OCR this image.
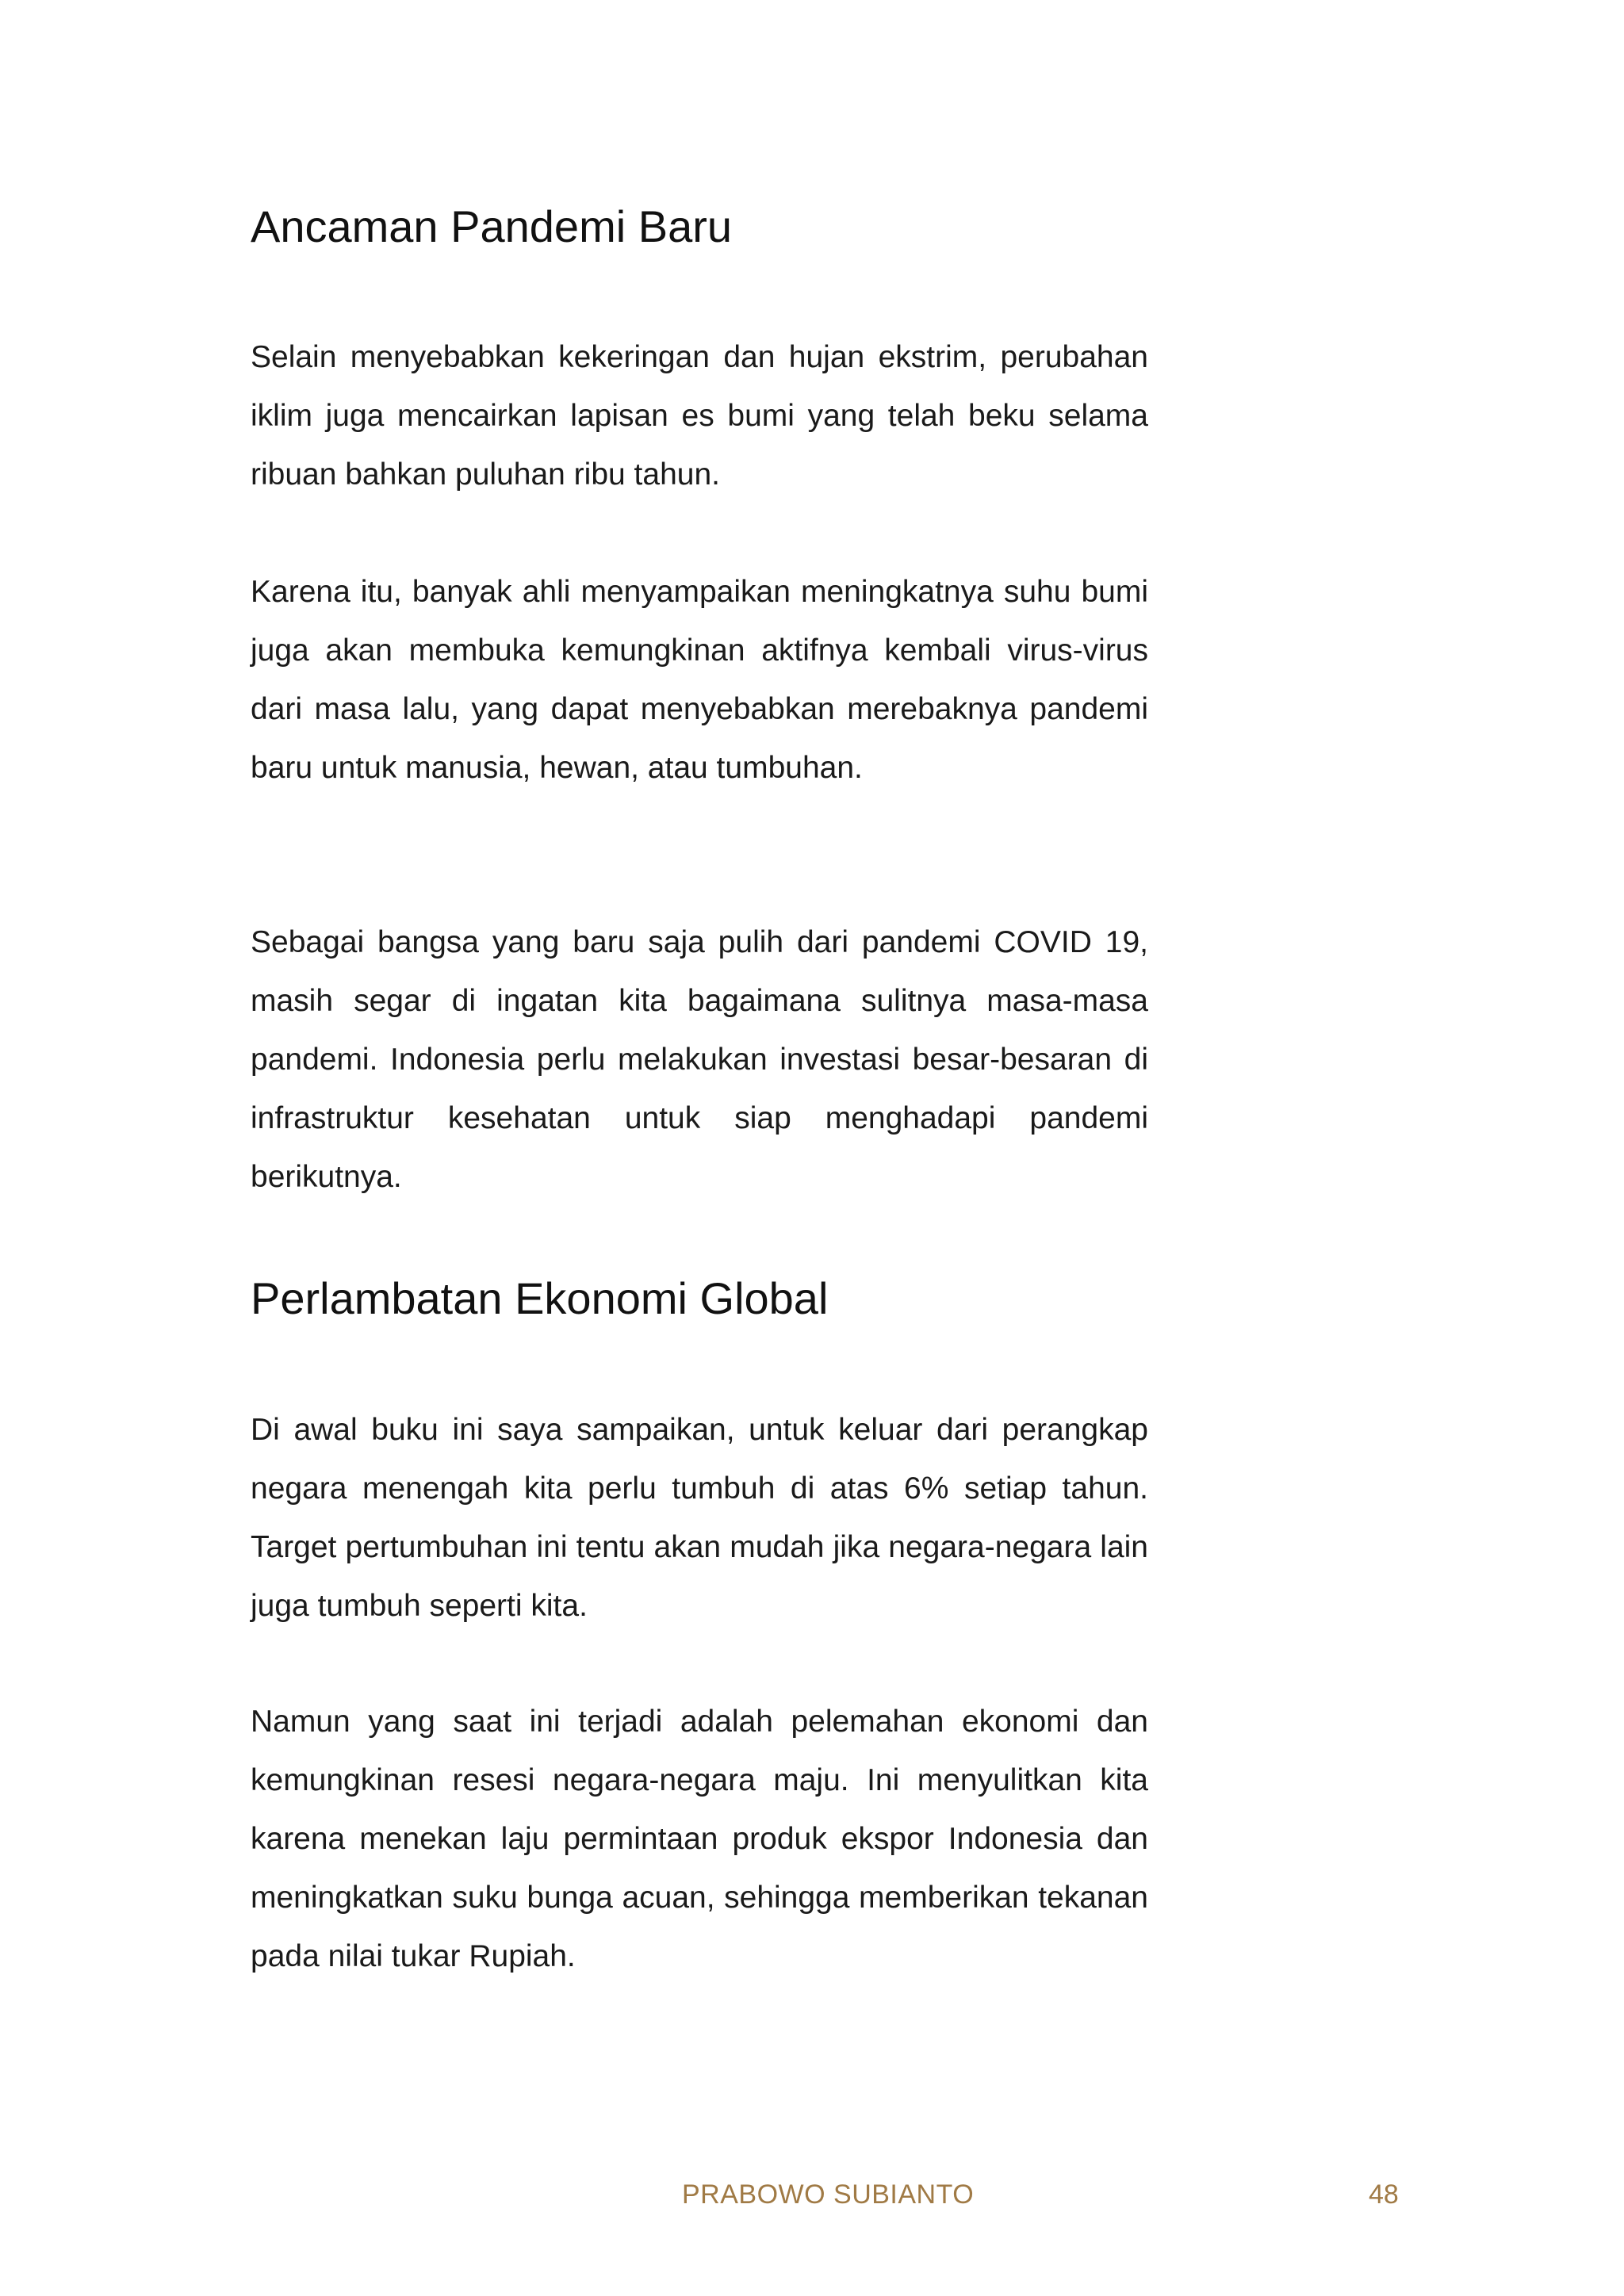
Ancaman Pandemi Baru

Selain menyebabkan kekeringan dan hujan ekstrim, perubahan iklim juga mencairkan lapisan es bumi yang telah beku selama ribuan bahkan puluhan ribu tahun.

Karena itu, banyak ahli menyampaikan meningkatnya suhu bumi juga akan membuka kemungkinan aktifnya kembali virus-virus dari masa lalu, yang dapat menyebabkan merebaknya pandemi baru untuk manusia, hewan, atau tumbuhan.

Sebagai bangsa yang baru saja pulih dari pandemi COVID 19, masih segar di ingatan kita bagaimana sulitnya masa-masa pandemi. Indonesia perlu melakukan investasi besar-besaran di infrastruktur kesehatan untuk siap menghadapi pandemi berikutnya.

Perlambatan Ekonomi Global

Di awal buku ini saya sampaikan, untuk keluar dari perangkap negara menengah kita perlu tumbuh di atas 6% setiap tahun. Target pertumbuhan ini tentu akan mudah jika negara-negara lain juga tumbuh seperti kita.

Namun yang saat ini terjadi adalah pelemahan ekonomi dan kemungkinan resesi negara-negara maju. Ini menyulitkan kita karena menekan laju permintaan produk ekspor Indonesia dan meningkatkan suku bunga acuan, sehingga memberikan tekanan pada nilai tukar Rupiah.

PRABOWO SUBIANTO	48
